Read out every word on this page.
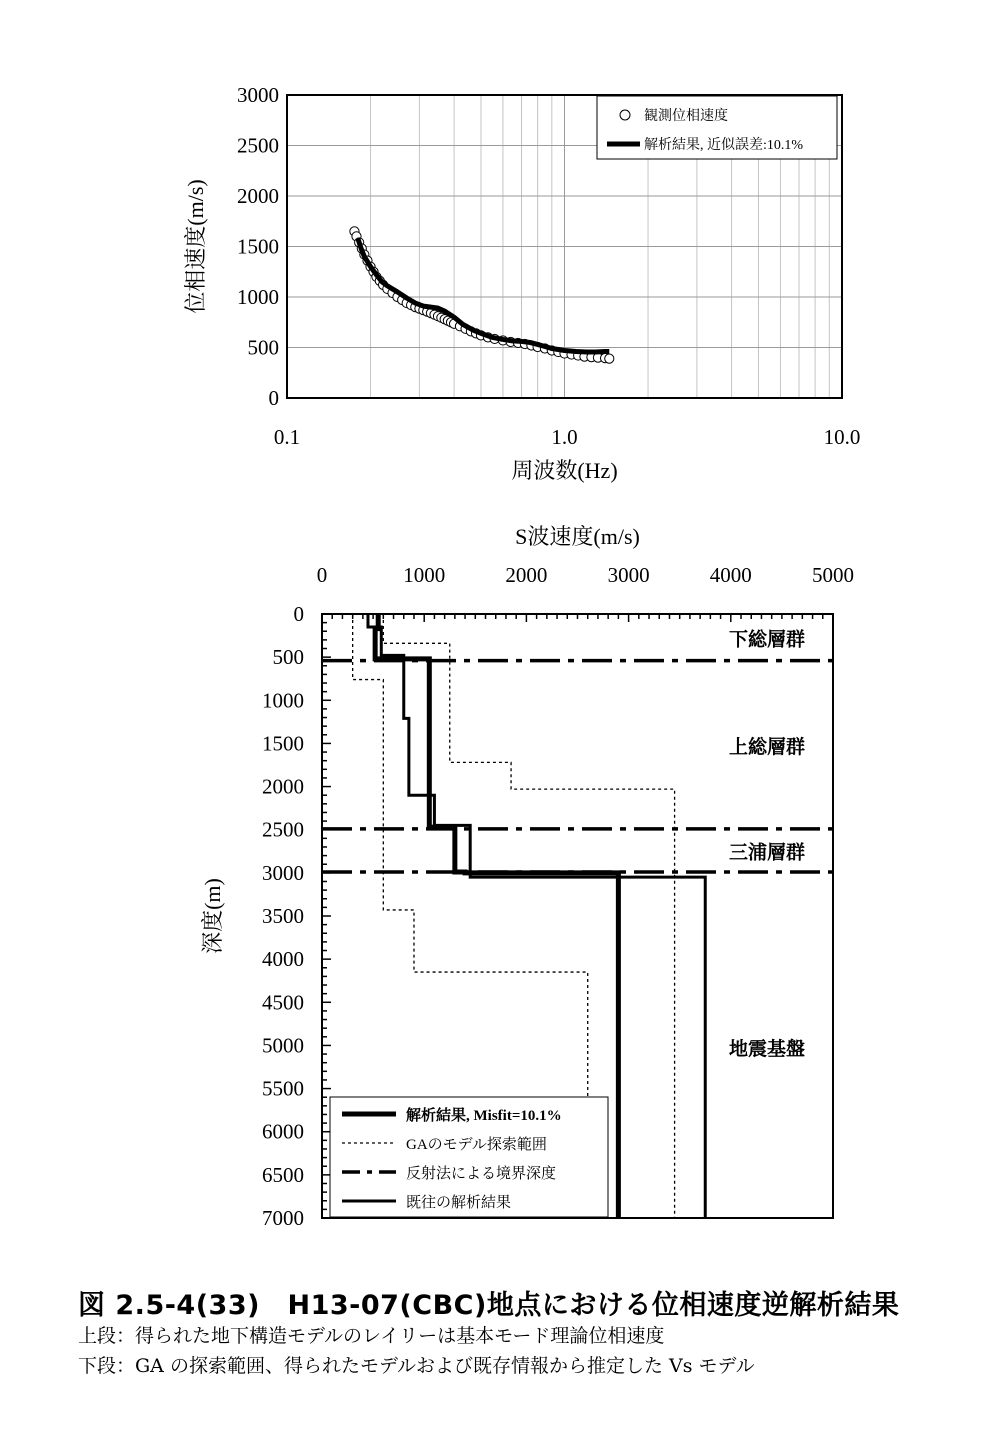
0.1	1.0	10.0
0
500
1000
1500
2000
2500
3000
周波数(Hz)
位相速度(m/s)
観測位相速度
解析結果, 近似誤差:10.1%
S波速度(m/s)
0	1000	2000	3000	4000	5000
0
500
1000
1500
2000
2500
3000
3500
4000
4500
5000
5500
6000
6500
7000
深度(m)
下総層群
上総層群
三浦層群
地震基盤
解析結果, Misfit=10.1%
GAのモデル探索範囲
反射法による境界深度
既往の解析結果
図 2.5-4(33)　H13-07(CBC)地点における位相速度逆解析結果
上段：得られた地下構造モデルのレイリーは基本モード理論位相速度
下段：GA の探索範囲、得られたモデルおよび既存情報から推定した Vs モデル
